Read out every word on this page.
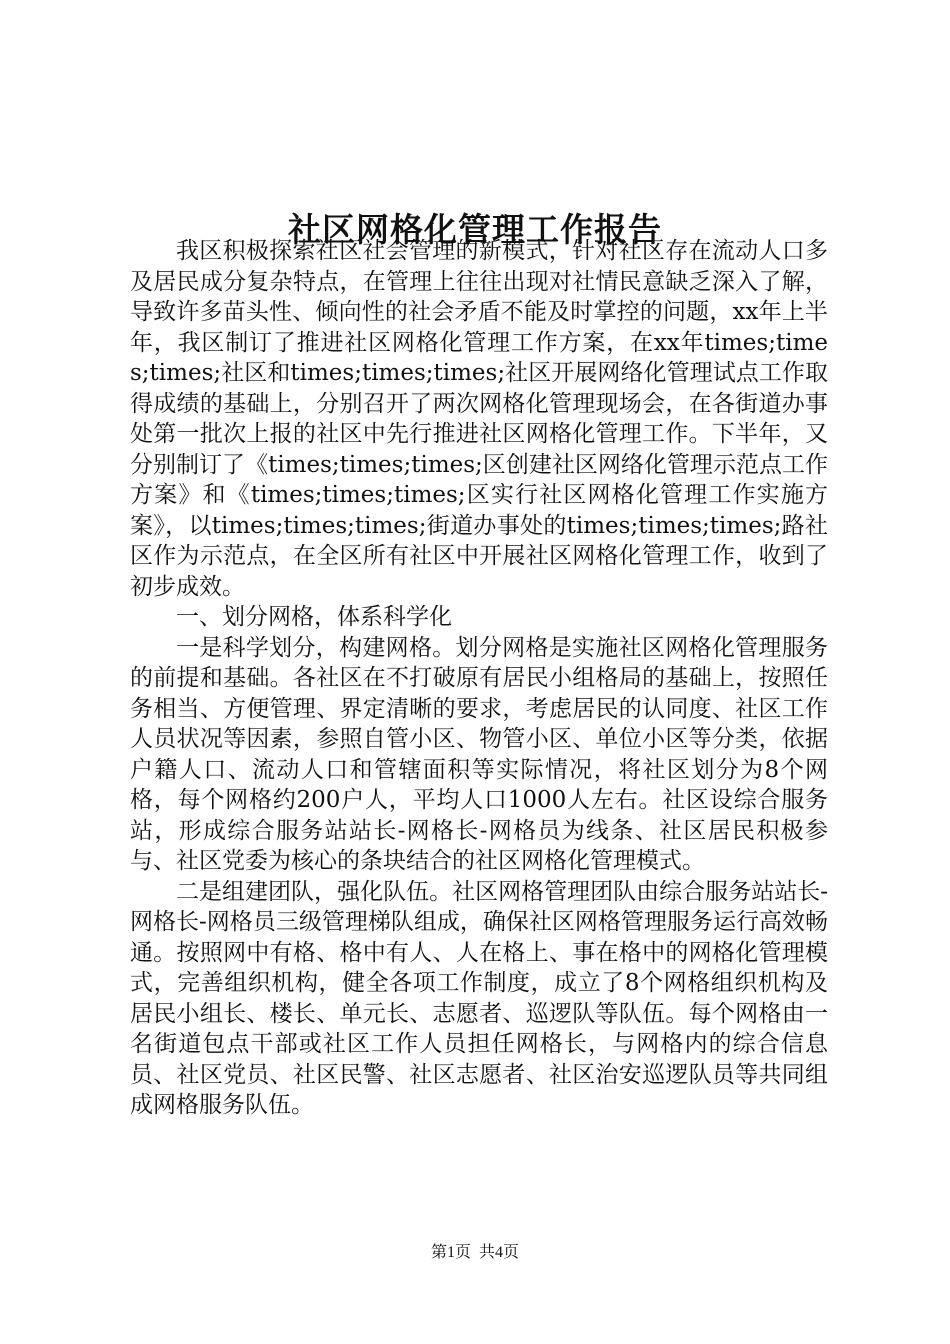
社区网格化管理工作报告

我区积极探索社区社会管理的新模式，针对社区存在流动人口多及居民成分复杂特点，在管理上往往出现对社情民意缺乏深入了解，导致许多苗头性、倾向性的社会矛盾不能及时掌控的问题，xx年上半年，我区制订了推进社区网格化管理工作方案，在xx年times;times;times;社区和times;times;times;社区开展网络化管理试点工作取得成绩的基础上，分别召开了两次网格化管理现场会，在各街道办事处第一批次上报的社区中先行推进社区网格化管理工作。下半年，又分别制订了《times;times;times;区创建社区网络化管理示范点工作方案》和《times;times;times;区实行社区网格化管理工作实施方案》，以times;times;times;街道办事处的times;times;times;路社区作为示范点，在全区所有社区中开展社区网格化管理工作，收到了初步成效。

一、划分网格，体系科学化

一是科学划分，构建网格。划分网格是实施社区网格化管理服务的前提和基础。各社区在不打破原有居民小组格局的基础上，按照任务相当、方便管理、界定清晰的要求，考虑居民的认同度、社区工作人员状况等因素，参照自管小区、物管小区、单位小区等分类，依据户籍人口、流动人口和管辖面积等实际情况，将社区划分为8个网格，每个网格约200户人，平均人口1000人左右。社区设综合服务站，形成综合服务站站长-网格长-网格员为线条、社区居民积极参与、社区党委为核心的条块结合的社区网格化管理模式。

二是组建团队，强化队伍。社区网格管理团队由综合服务站站长-网格长-网格员三级管理梯队组成，确保社区网格管理服务运行高效畅通。按照网中有格、格中有人、人在格上、事在格中的网格化管理模式，完善组织机构，健全各项工作制度，成立了8个网格组织机构及居民小组长、楼长、单元长、志愿者、巡逻队等队伍。每个网格由一名街道包点干部或社区工作人员担任网格长，与网格内的综合信息员、社区党员、社区民警、社区志愿者、社区治安巡逻队员等共同组成网格服务队伍。

第1页 共4页
